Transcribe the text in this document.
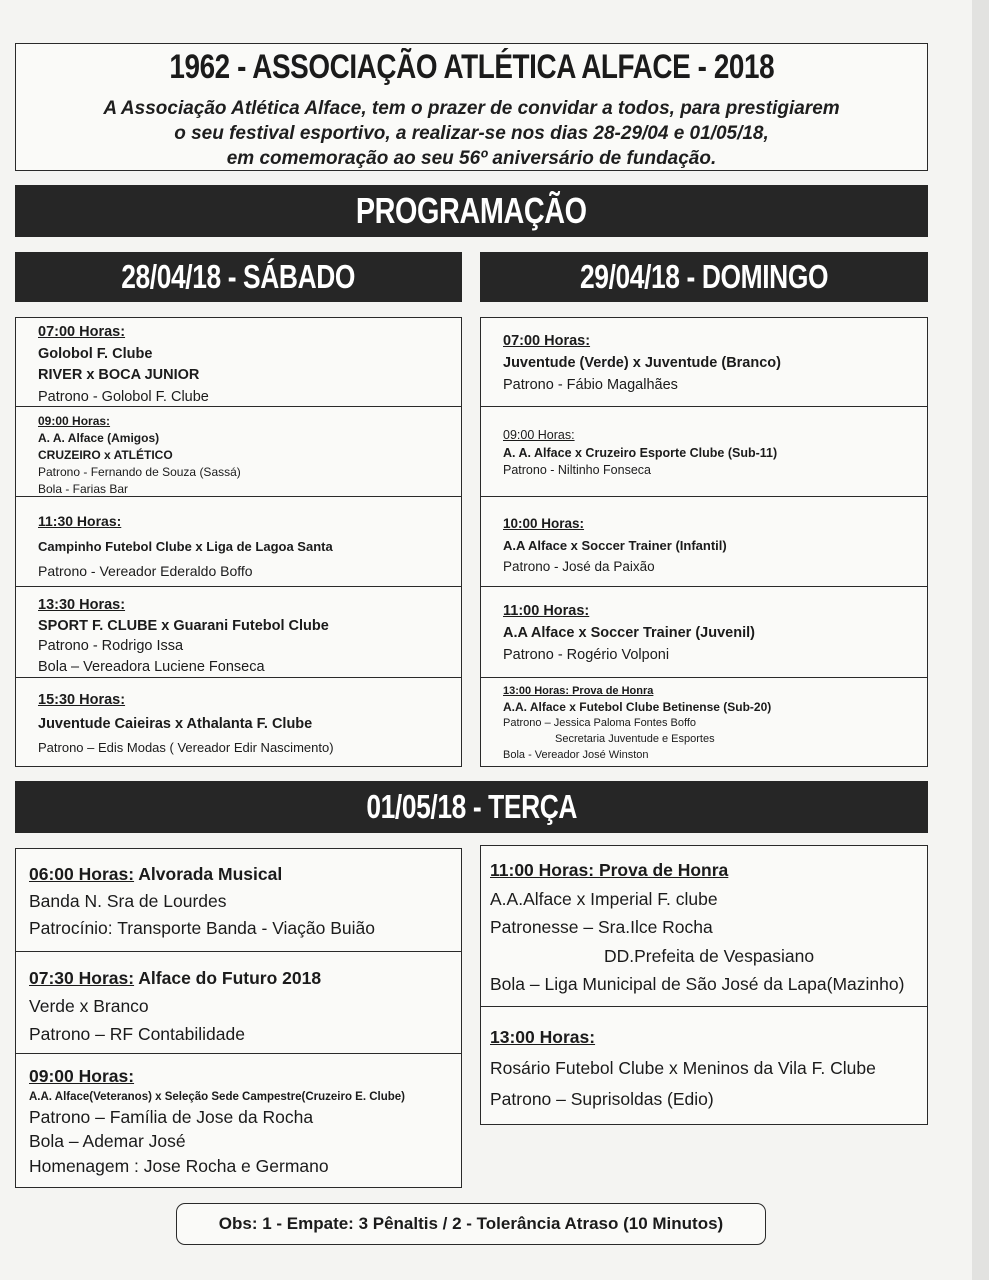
1962 - ASSOCIAÇÃO ATLÉTICA ALFACE - 2018
A Associação Atlética Alface, tem o prazer de convidar a todos, para prestigiarem
o seu festival esportivo, a realizar-se nos dias 28-29/04 e 01/05/18,
em comemoração ao seu 56º aniversário de fundação.
PROGRAMAÇÃO
28/04/18 - SÁBADO	29/04/18 - DOMINGO
07:00 Horas:
Golobol F. Clube
RIVER x BOCA JUNIOR
Patrono - Golobol F. Clube
09:00 Horas:
A. A. Alface (Amigos)
CRUZEIRO x ATLÉTICO
Patrono - Fernando de Souza (Sassá)
Bola - Farias Bar
11:30 Horas:
Campinho Futebol Clube x Liga de Lagoa Santa
Patrono - Vereador Ederaldo Boffo
13:30 Horas:
SPORT F. CLUBE x Guarani Futebol Clube
Patrono - Rodrigo Issa
Bola – Vereadora Luciene Fonseca
15:30 Horas:
Juventude Caieiras x Athalanta F. Clube
Patrono – Edis Modas ( Vereador Edir Nascimento)
07:00 Horas:
Juventude (Verde) x Juventude (Branco)
Patrono - Fábio Magalhães
09:00 Horas:
A. A. Alface x Cruzeiro Esporte Clube (Sub-11)
Patrono - Niltinho Fonseca
10:00 Horas:
A.A Alface x Soccer Trainer (Infantil)
Patrono - José da Paixão
11:00 Horas:
A.A Alface x Soccer Trainer (Juvenil)
Patrono - Rogério Volponi
13:00 Horas: Prova de Honra
A.A. Alface x Futebol Clube Betinense (Sub-20)
Patrono – Jessica Paloma Fontes Boffo
Secretaria Juventude e Esportes
Bola - Vereador José Winston
01/05/18 - TERÇA
06:00 Horas: Alvorada Musical
Banda N. Sra de Lourdes
Patrocínio: Transporte Banda - Viação Buião
07:30 Horas: Alface do Futuro 2018
Verde x Branco
Patrono – RF Contabilidade
09:00 Horas:
A.A. Alface(Veteranos) x Seleção Sede Campestre(Cruzeiro E. Clube)
Patrono – Família de Jose da Rocha
Bola – Ademar José
Homenagem : Jose Rocha e Germano
11:00 Horas: Prova de Honra
A.A.Alface x Imperial F. clube
Patronesse – Sra.Ilce Rocha
DD.Prefeita de Vespasiano
Bola – Liga Municipal de São José da Lapa(Mazinho)
13:00 Horas:
Rosário Futebol Clube x Meninos da Vila F. Clube
Patrono – Suprisoldas (Edio)
Obs: 1 - Empate: 3 Pênaltis / 2 - Tolerância Atraso (10 Minutos)
